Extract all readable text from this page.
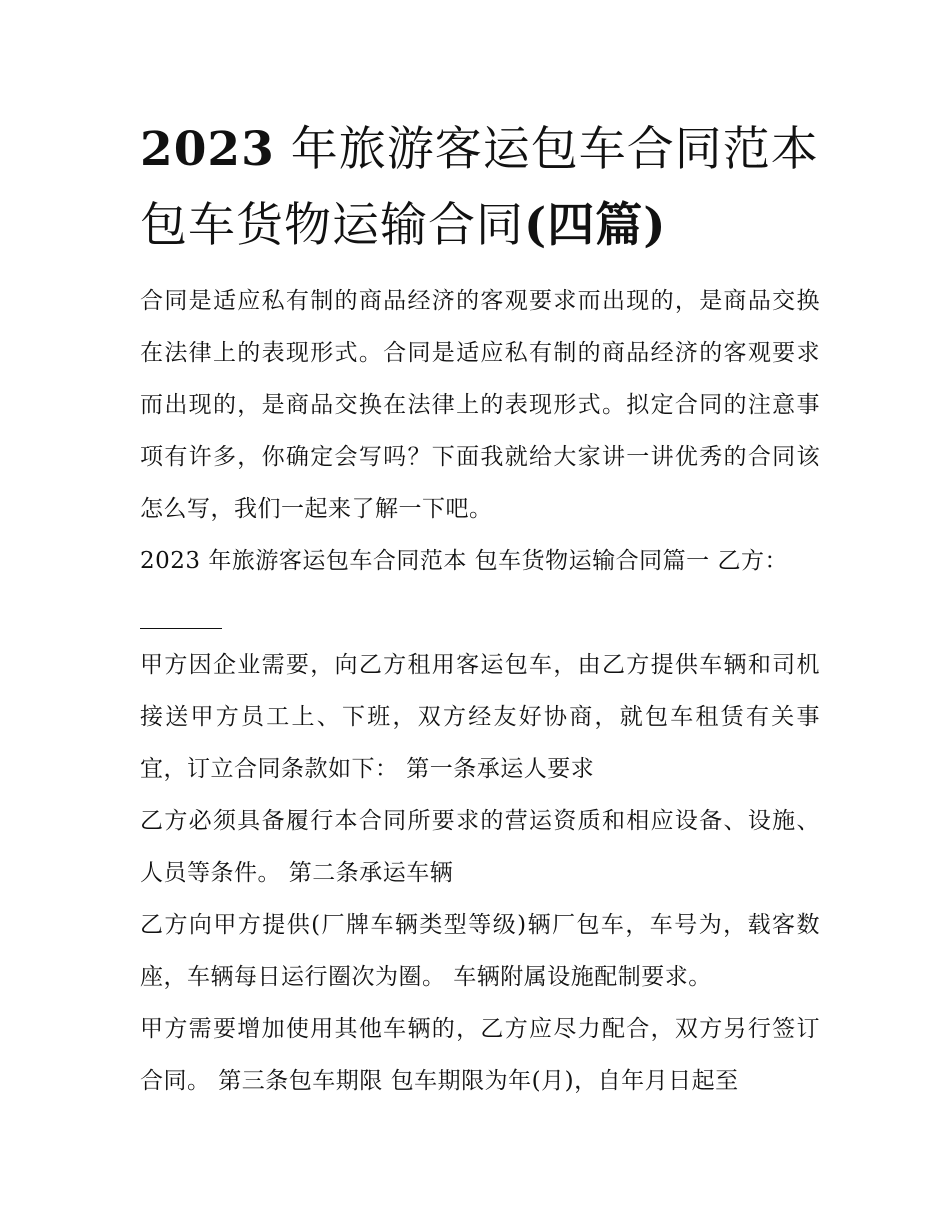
2023 年旅游客运包车合同范本
包车货物运输合同(四篇)

合同是适应私有制的商品经济的客观要求而出现的，是商品交换在法律上的表现形式。合同是适应私有制的商品经济的客观要求而出现的，是商品交换在法律上的表现形式。拟定合同的注意事项有许多，你确定会写吗？下面我就给大家讲一讲优秀的合同该怎么写，我们一起来了解一下吧。

2023 年旅游客运包车合同范本 包车货物运输合同篇一 乙方：

甲方因企业需要，向乙方租用客运包车，由乙方提供车辆和司机接送甲方员工上、下班，双方经友好协商，就包车租赁有关事宜，订立合同条款如下： 第一条承运人要求

乙方必须具备履行本合同所要求的营运资质和相应设备、设施、人员等条件。 第二条承运车辆

乙方向甲方提供(厂牌车辆类型等级)辆厂包车，车号为，载客数座，车辆每日运行圈次为圈。 车辆附属设施配制要求。

甲方需要增加使用其他车辆的，乙方应尽力配合，双方另行签订合同。 第三条包车期限 包车期限为年(月)，自年月日起至
